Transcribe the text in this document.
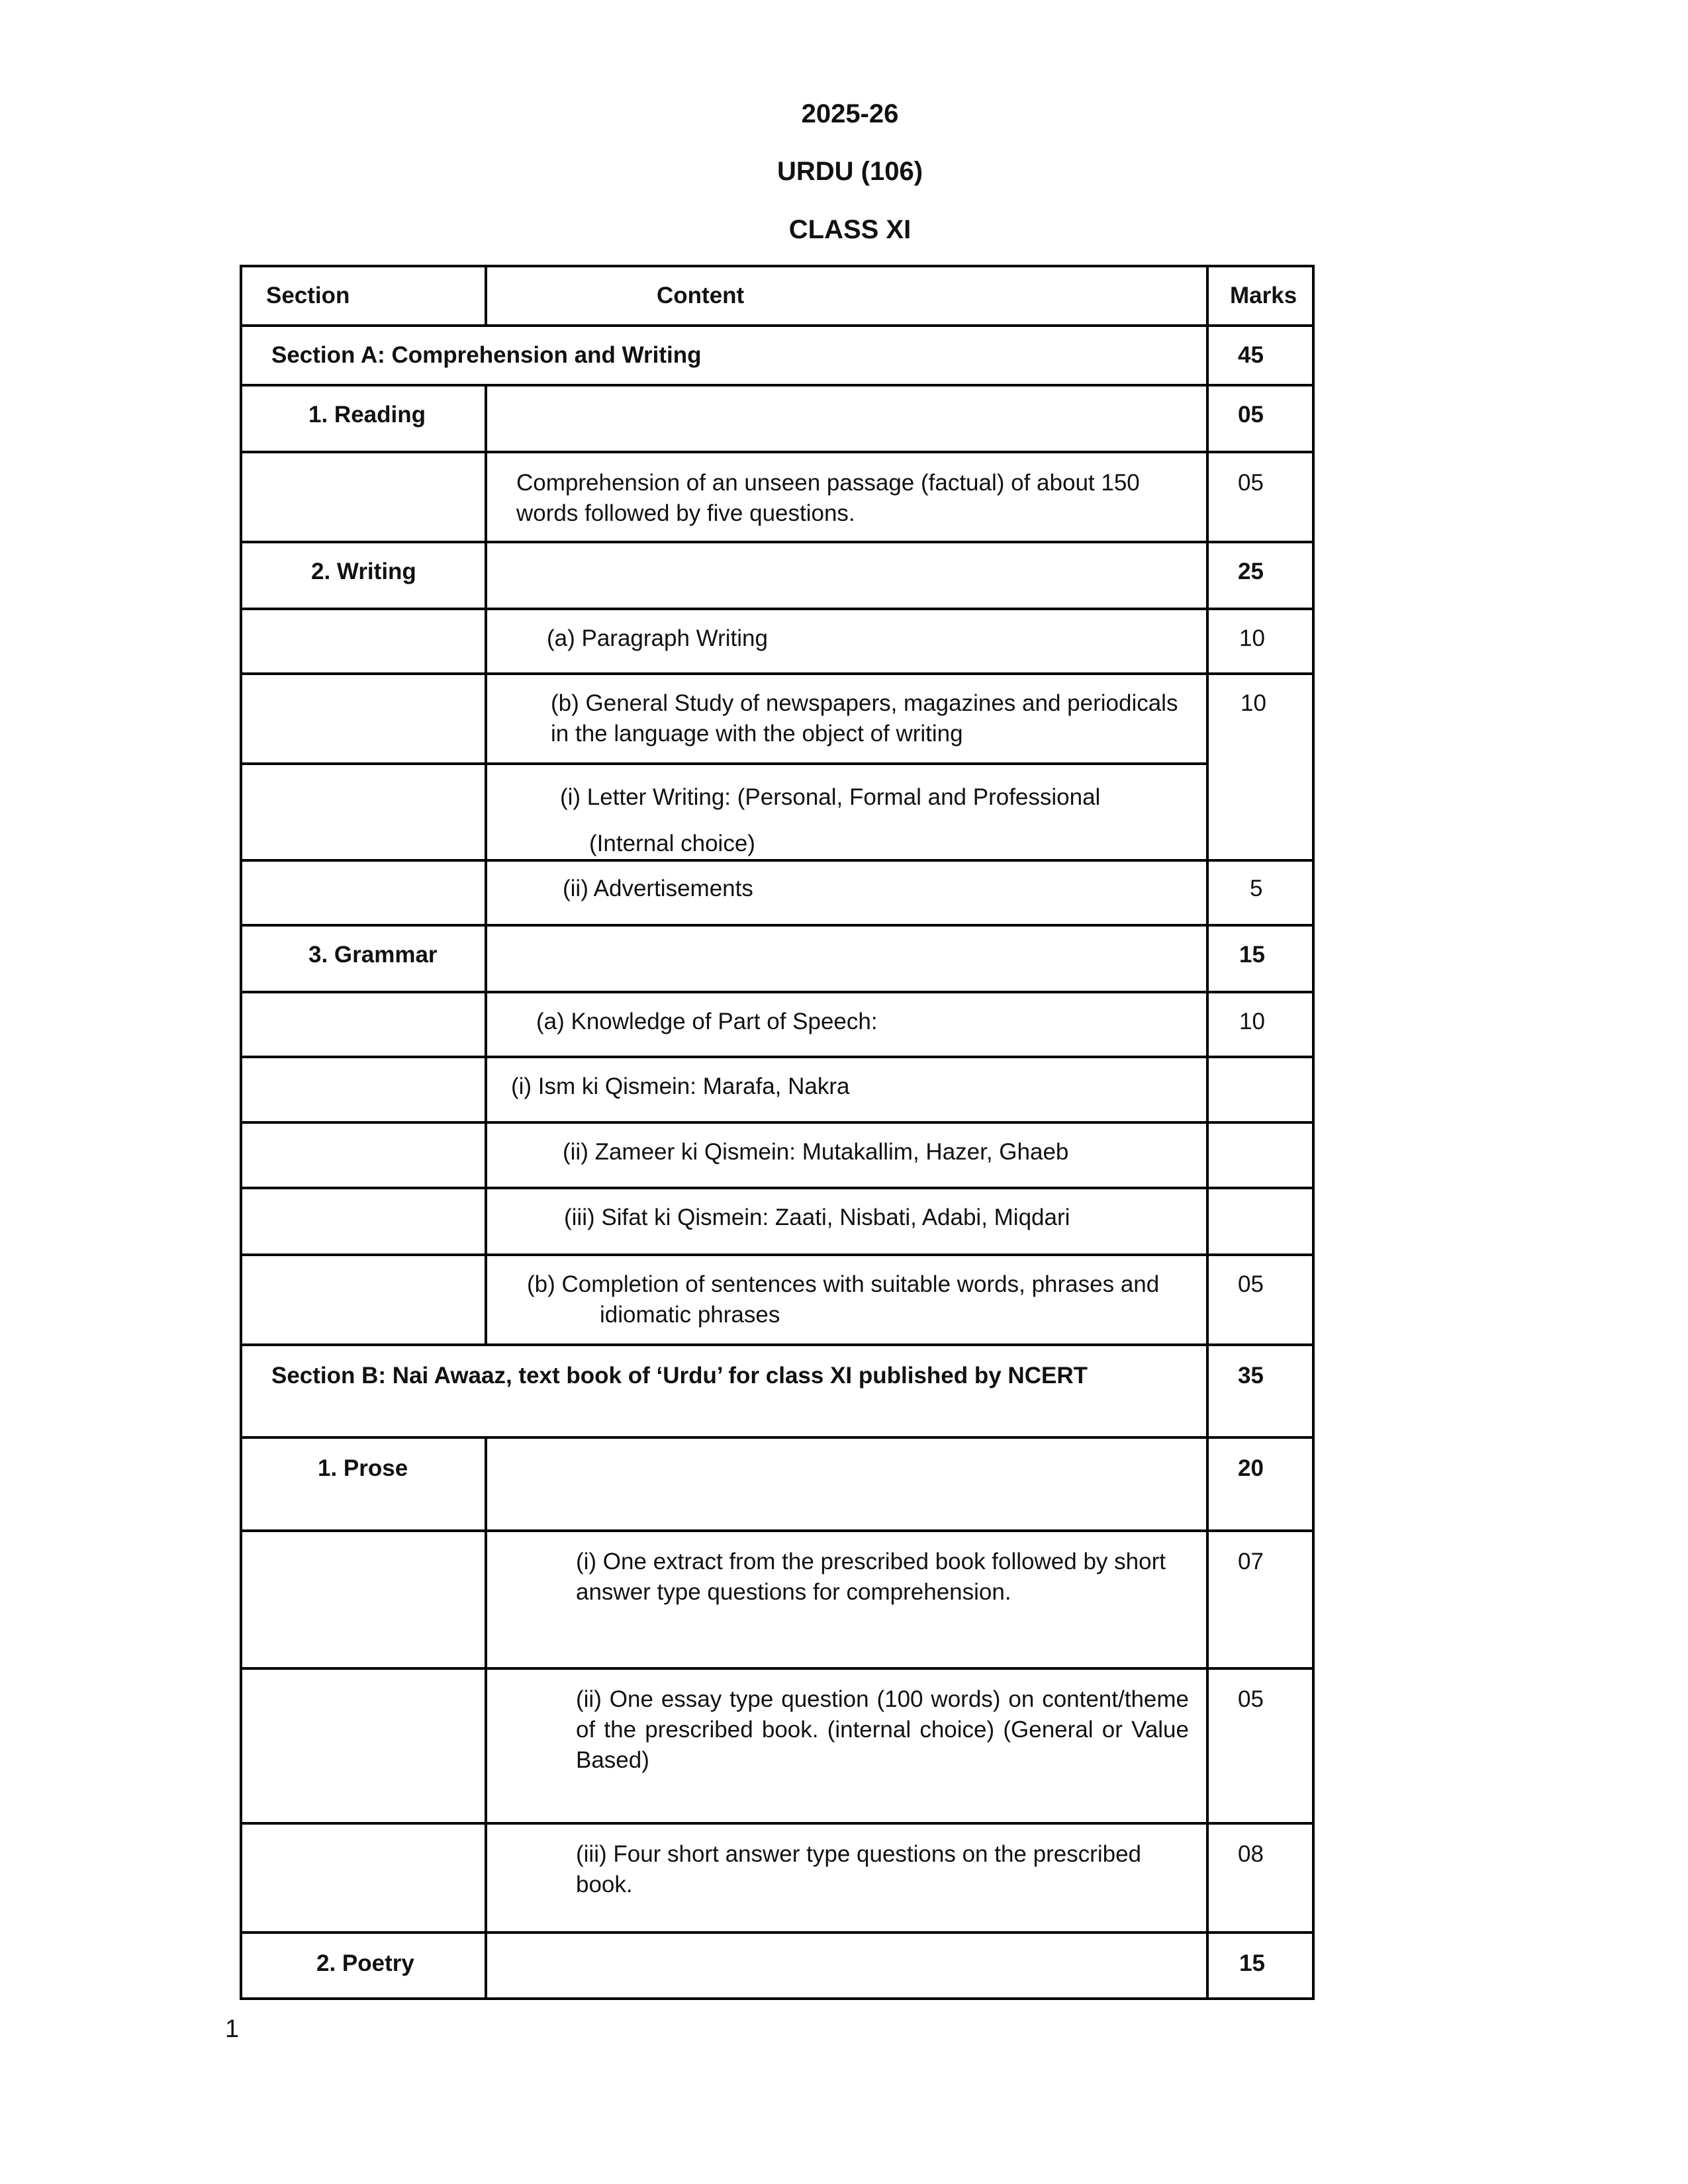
2025-26
URDU (106)
CLASS XI
Section	Content	Marks
Section A: Comprehension and Writing		45
1. Reading		05
	Comprehension of an unseen passage (factual) of about 150 words followed by five questions.	05
2. Writing		25
	(a) Paragraph Writing	10

	(b) General Study of newspapers, magazines and periodicals in the language with the object of writing	10

	(i) Letter Writing: (Personal, Formal and Professional
(Internal choice)	

	(ii) Advertisements	5
3. Grammar		15
	(a) Knowledge of Part of Speech:	10
	(i) Ism ki Qismein: Marafa, Nakra	
	(ii) Zameer ki Qismein: Mutakallim, Hazer, Ghaeb	
	(iii) Sifat ki Qismein: Zaati, Nisbati, Adabi, Miqdari	

	(b) Completion of sentences with suitable words, phrases and
idiomatic phrases	05
Section B: Nai Awaaz, text book of ‘Urdu’ for class XI published by NCERT		35
1. Prose		20
	(i) One extract from the prescribed book followed by short answer type questions for comprehension.	07
	(ii) One essay type question (100 words) on content/theme of the prescribed book. (internal choice) (General or Value Based)	05
	(iii) Four short answer type questions on the prescribed book.	08
2. Poetry		15
1
